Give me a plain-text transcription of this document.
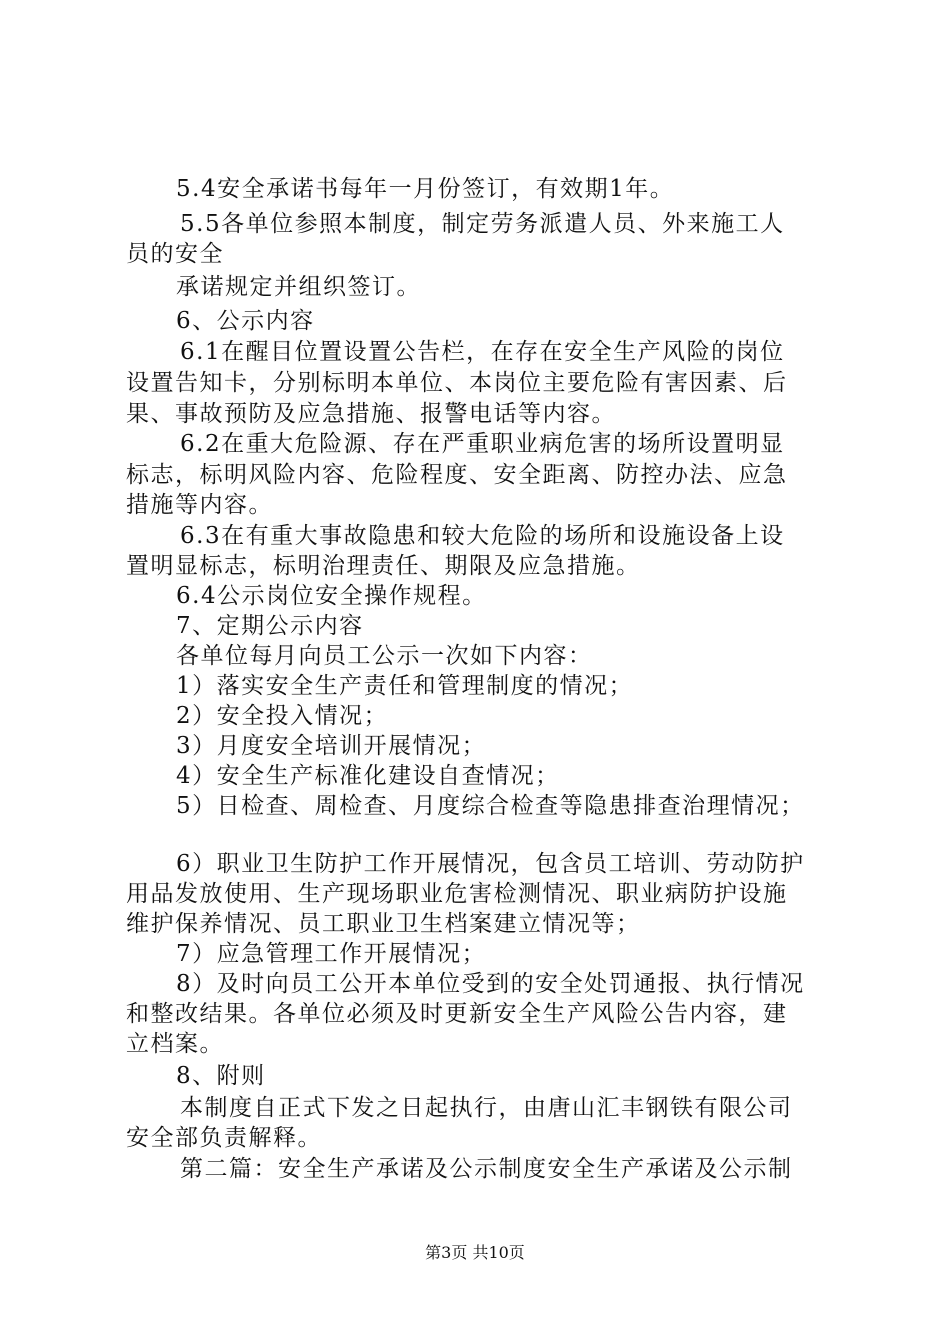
5.4安全承诺书每年一月份签订，有效期1年。
5.5各单位参照本制度，制定劳务派遣人员、外来施工人
员的安全
承诺规定并组织签订。
6、公示内容
6.1在醒目位置设置公告栏，在存在安全生产风险的岗位
设置告知卡，分别标明本单位、本岗位主要危险有害因素、后
果、事故预防及应急措施、报警电话等内容。
6.2在重大危险源、存在严重职业病危害的场所设置明显
标志，标明风险内容、危险程度、安全距离、防控办法、应急
措施等内容。
6.3在有重大事故隐患和较大危险的场所和设施设备上设
置明显标志，标明治理责任、期限及应急措施。
6.4公示岗位安全操作规程。
7、定期公示内容
各单位每月向员工公示一次如下内容：
1）落实安全生产责任和管理制度的情况；
2）安全投入情况；
3）月度安全培训开展情况；
4）安全生产标准化建设自查情况；
5）日检查、周检查、月度综合检查等隐患排查治理情况；
6）职业卫生防护工作开展情况，包含员工培训、劳动防护
用品发放使用、生产现场职业危害检测情况、职业病防护设施
维护保养情况、员工职业卫生档案建立情况等；
7）应急管理工作开展情况；
8）及时向员工公开本单位受到的安全处罚通报、执行情况
和整改结果。各单位必须及时更新安全生产风险公告内容，建
立档案。
8、附则
本制度自正式下发之日起执行，由唐山汇丰钢铁有限公司
安全部负责解释。
第二篇：安全生产承诺及公示制度安全生产承诺及公示制
第3页 共10页
